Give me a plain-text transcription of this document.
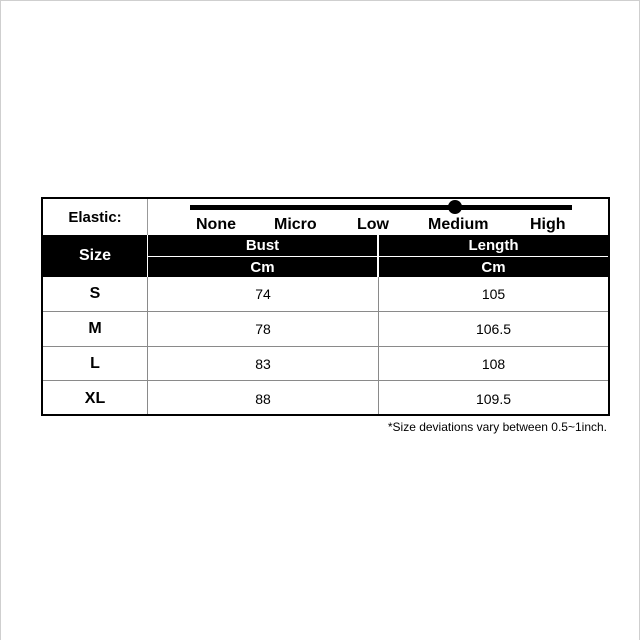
Elastic:	None Micro	Low Medium	High
Size
Bust	Length
Cm	Cm
S	74	105
M	78	106.5
L	83	108
XL	88	109.5
*Size deviations vary between 0.5~1inch.
